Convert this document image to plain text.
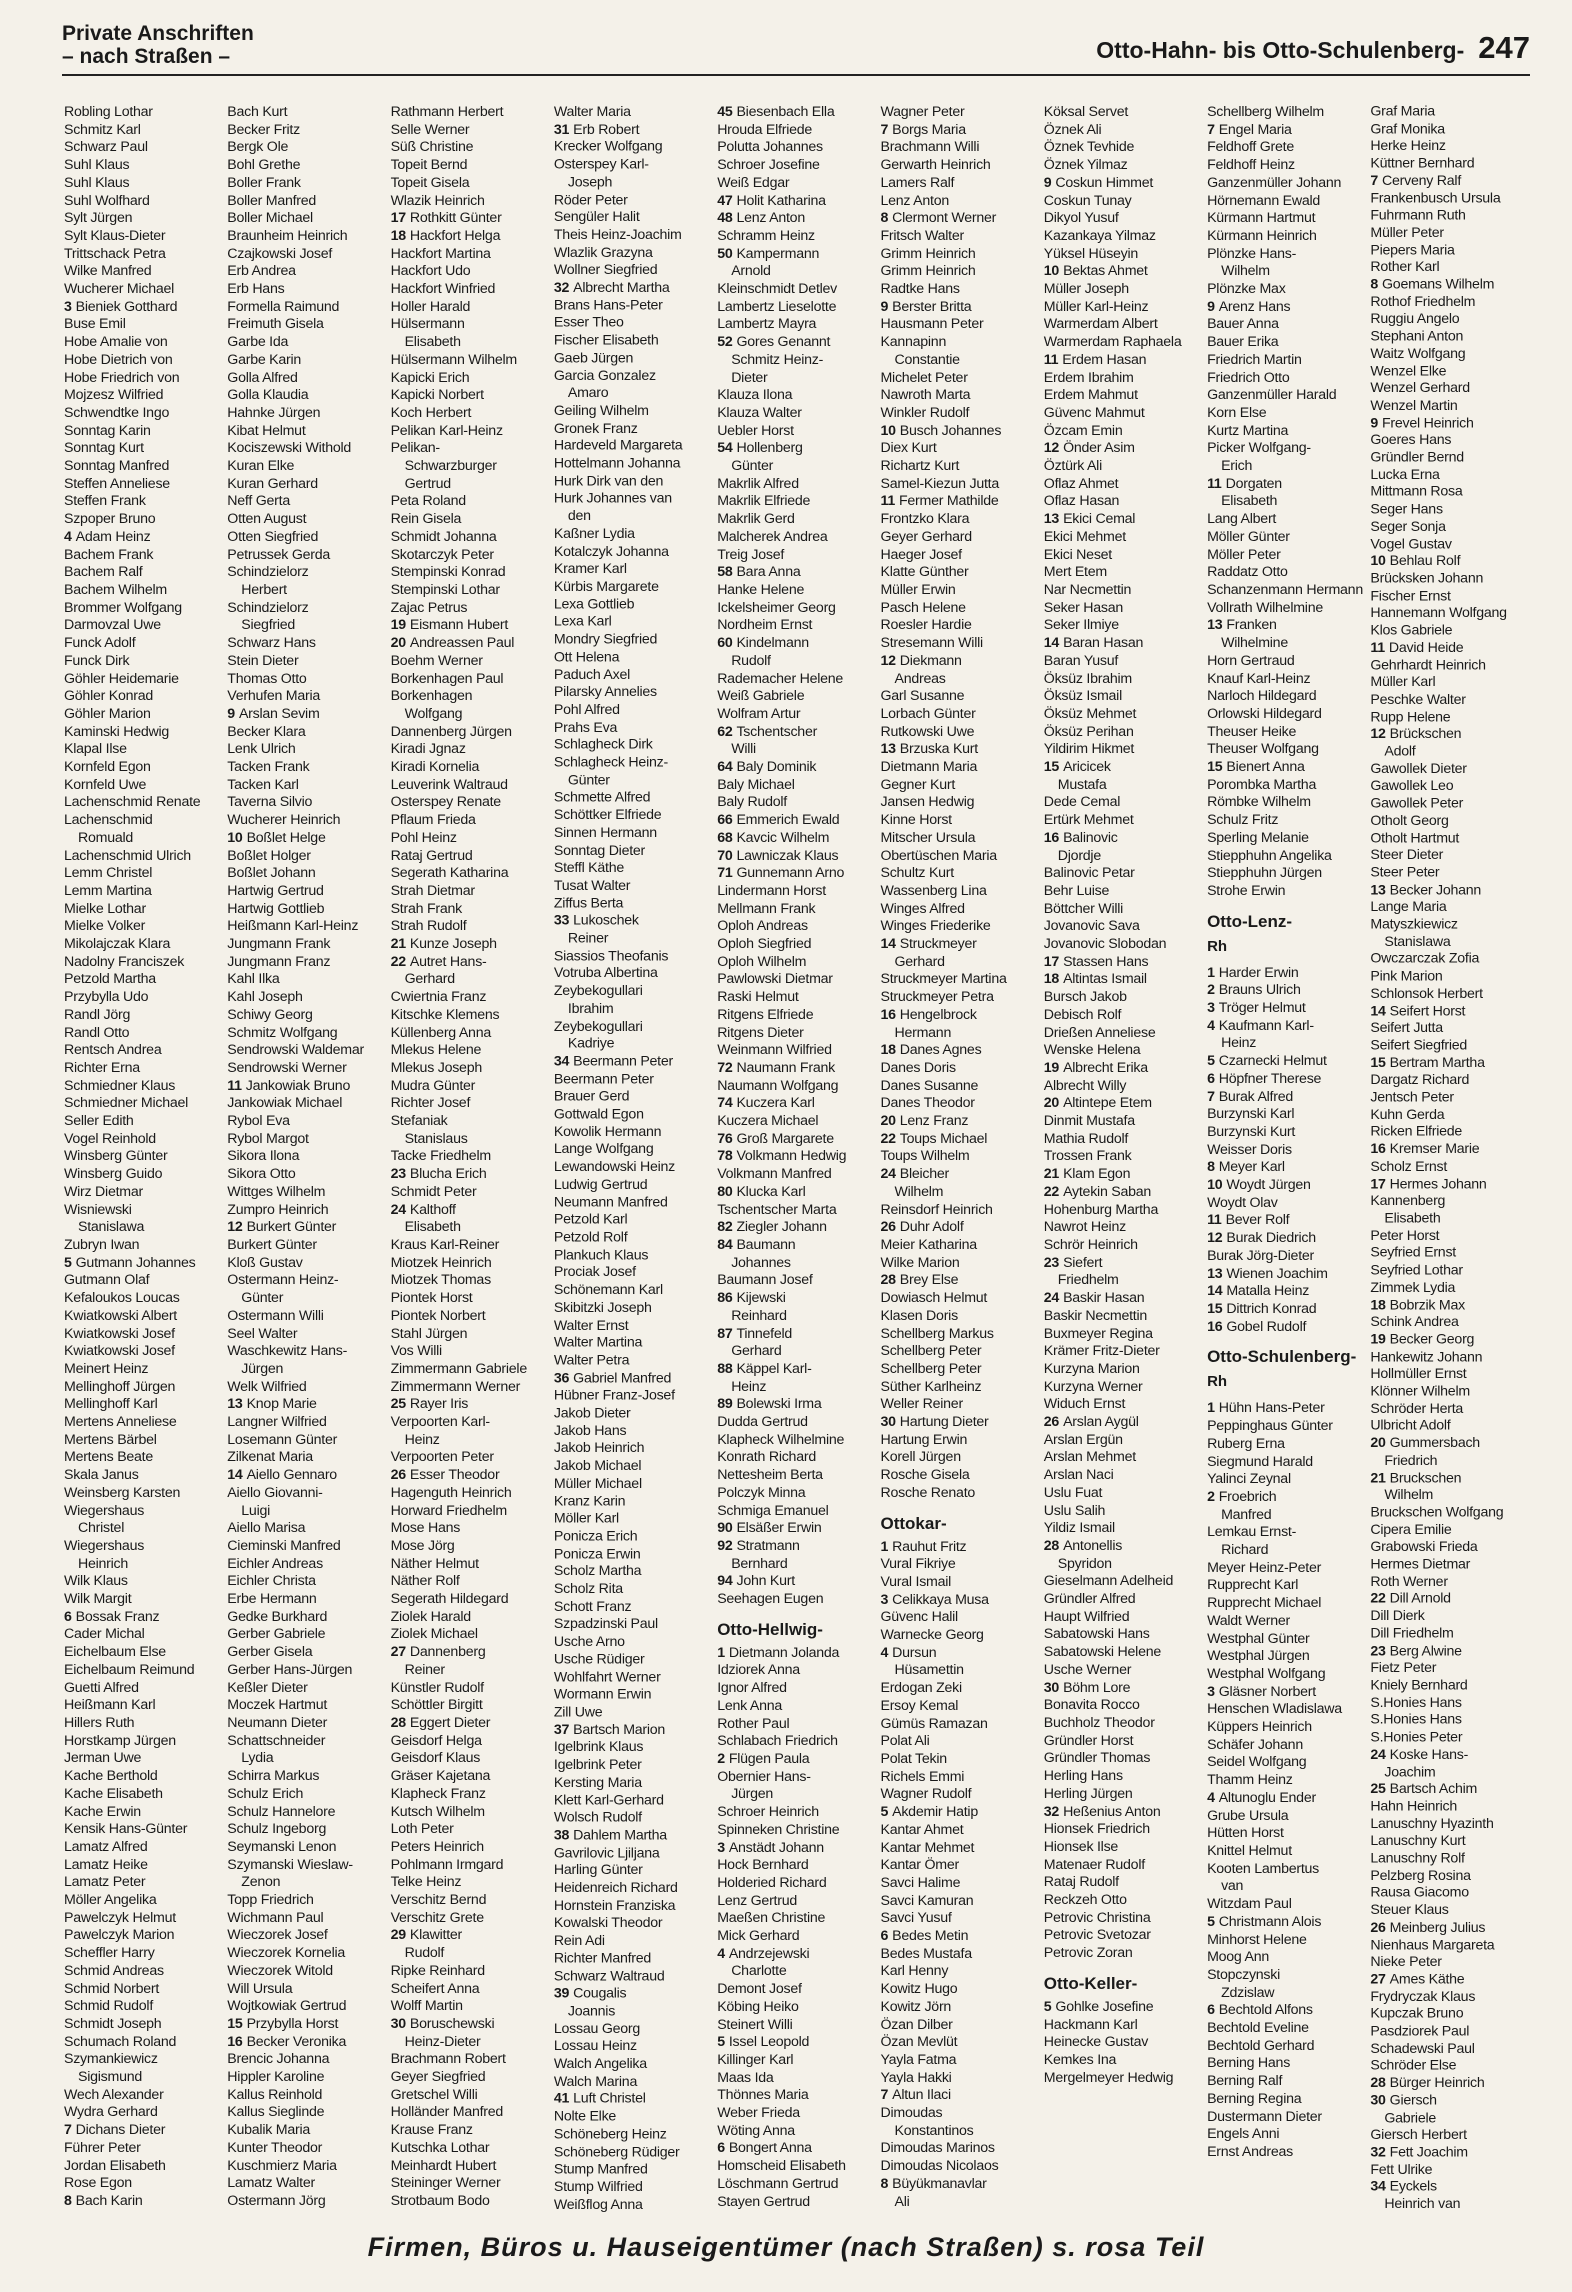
Private Anschriften
– nach Straßen –	Otto-Hahn- bis Otto-Schulenberg- 247
Robling Lothar
Schmitz Karl
Schwarz Paul
Suhl Klaus
Suhl Klaus
Suhl Wolfhard
Sylt Jürgen
Sylt Klaus-Dieter
Trittschack Petra
Wilke Manfred
Wucherer Michael
3 Bieniek Gotthard
Buse Emil
Hobe Amalie von
Hobe Dietrich von
Hobe Friedrich von
Mojzesz Wilfried
Schwendtke Ingo
Sonntag Karin
Sonntag Kurt
Sonntag Manfred
Steffen Anneliese
Steffen Frank
Szpoper Bruno
4 Adam Heinz
Bachem Frank
Bachem Ralf
Bachem Wilhelm
Brommer Wolfgang
Darmovzal Uwe
Funck Adolf
Funck Dirk
Göhler Heidemarie
Göhler Konrad
Göhler Marion
Kaminski Hedwig
Klapal Ilse
Kornfeld Egon
Kornfeld Uwe
Lachenschmid Renate
Lachenschmid
Romuald
Lachenschmid Ulrich
Lemm Christel
Lemm Martina
Mielke Lothar
Mielke Volker
Mikolajczak Klara
Nadolny Franciszek
Petzold Martha
Przybylla Udo
Randl Jörg
Randl Otto
Rentsch Andrea
Richter Erna
Schmiedner Klaus
Schmiedner Michael
Seller Edith
Vogel Reinhold
Winsberg Günter
Winsberg Guido
Wirz Dietmar
Wisniewski
Stanislawa
Zubryn Iwan
5 Gutmann Johannes
Gutmann Olaf
Kefaloukos Loucas
Kwiatkowski Albert
Kwiatkowski Josef
Kwiatkowski Josef
Meinert Heinz
Mellinghoff Jürgen
Mellinghoff Karl
Mertens Anneliese
Mertens Bärbel
Mertens Beate
Skala Janus
Weinsberg Karsten
Wiegershaus
Christel
Wiegershaus
Heinrich
Wilk Klaus
Wilk Margit
6 Bossak Franz
Cader Michal
Eichelbaum Else
Eichelbaum Reimund
Guetti Alfred
Heißmann Karl
Hillers Ruth
Horstkamp Jürgen
Jerman Uwe
Kache Berthold
Kache Elisabeth
Kache Erwin
Kensik Hans-Günter
Lamatz Alfred
Lamatz Heike
Lamatz Peter
Möller Angelika
Pawelczyk Helmut
Pawelczyk Marion
Scheffler Harry
Schmid Andreas
Schmid Norbert
Schmid Rudolf
Schmidt Joseph
Schumach Roland
Szymankiewicz
Sigismund
Wech Alexander
Wydra Gerhard
7 Dichans Dieter
Führer Peter
Jordan Elisabeth
Rose Egon
8 Bach Karin
Bach Kurt
Becker Fritz
Bergk Ole
Bohl Grethe
Boller Frank
Boller Manfred
Boller Michael
Braunheim Heinrich
Czajkowski Josef
Erb Andrea
Erb Hans
Formella Raimund
Freimuth Gisela
Garbe Ida
Garbe Karin
Golla Alfred
Golla Klaudia
Hahnke Jürgen
Kibat Helmut
Kociszewski Withold
Kuran Elke
Kuran Gerhard
Neff Gerta
Otten August
Otten Siegfried
Petrussek Gerda
Schindzielorz
Herbert
Schindzielorz
Siegfried
Schwarz Hans
Stein Dieter
Thomas Otto
Verhufen Maria
9 Arslan Sevim
Becker Klara
Lenk Ulrich
Tacken Frank
Tacken Karl
Taverna Silvio
Wucherer Heinrich
10 Boßlet Helge
Boßlet Holger
Boßlet Johann
Hartwig Gertrud
Hartwig Gottlieb
Heißmann Karl-Heinz
Jungmann Frank
Jungmann Franz
Kahl Ilka
Kahl Joseph
Schiwy Georg
Schmitz Wolfgang
Sendrowski Waldemar
Sendrowski Werner
11 Jankowiak Bruno
Jankowiak Michael
Rybol Eva
Rybol Margot
Sikora Ilona
Sikora Otto
Wittges Wilhelm
Zumpro Heinrich
12 Burkert Günter
Burkert Günter
Kloß Gustav
Ostermann Heinz-
Günter
Ostermann Willi
Seel Walter
Waschkewitz Hans-
Jürgen
Welk Wilfried
13 Knop Marie
Langner Wilfried
Losemann Günter
Zilkenat Maria
14 Aiello Gennaro
Aiello Giovanni-
Luigi
Aiello Marisa
Cieminski Manfred
Eichler Andreas
Eichler Christa
Erbe Hermann
Gedke Burkhard
Gerber Gabriele
Gerber Gisela
Gerber Hans-Jürgen
Keßler Dieter
Moczek Hartmut
Neumann Dieter
Schattschneider
Lydia
Schirra Markus
Schulz Erich
Schulz Hannelore
Schulz Ingeborg
Seymanski Lenon
Szymanski Wieslaw-
Zenon
Topp Friedrich
Wichmann Paul
Wieczorek Josef
Wieczorek Kornelia
Wieczorek Witold
Will Ursula
Wojtkowiak Gertrud
15 Przybylla Horst
16 Becker Veronika
Brencic Johanna
Hippler Karoline
Kallus Reinhold
Kallus Sieglinde
Kubalik Maria
Kunter Theodor
Kuschmierz Maria
Lamatz Walter
Ostermann Jörg
Rathmann Herbert
Selle Werner
Süß Christine
Topeit Bernd
Topeit Gisela
Wlazik Heinrich
17 Rothkitt Günter
18 Hackfort Helga
Hackfort Martina
Hackfort Udo
Hackfort Winfried
Holler Harald
Hülsermann
Elisabeth
Hülsermann Wilhelm
Kapicki Erich
Kapicki Norbert
Koch Herbert
Pelikan Karl-Heinz
Pelikan-
Schwarzburger
Gertrud
Peta Roland
Rein Gisela
Schmidt Johanna
Skotarczyk Peter
Stempinski Konrad
Stempinski Lothar
Zajac Petrus
19 Eismann Hubert
20 Andreassen Paul
Boehm Werner
Borkenhagen Paul
Borkenhagen
Wolfgang
Dannenberg Jürgen
Kiradi Jgnaz
Kiradi Kornelia
Leuverink Waltraud
Osterspey Renate
Pflaum Frieda
Pohl Heinz
Rataj Gertrud
Segerath Katharina
Strah Dietmar
Strah Frank
Strah Rudolf
21 Kunze Joseph
22 Autret Hans-
Gerhard
Cwiertnia Franz
Kitschke Klemens
Küllenberg Anna
Mlekus Helene
Mlekus Joseph
Mudra Günter
Richter Josef
Stefaniak
Stanislaus
Tacke Friedhelm
23 Blucha Erich
Schmidt Peter
24 Kalthoff
Elisabeth
Kraus Karl-Reiner
Miotzek Heinrich
Miotzek Thomas
Piontek Horst
Piontek Norbert
Stahl Jürgen
Vos Willi
Zimmermann Gabriele
Zimmermann Werner
25 Rayer Iris
Verpoorten Karl-
Heinz
Verpoorten Peter
26 Esser Theodor
Hagenguth Heinrich
Horward Friedhelm
Mose Hans
Mose Jörg
Näther Helmut
Näther Rolf
Segerath Hildegard
Ziolek Harald
Ziolek Michael
27 Dannenberg
Reiner
Künstler Rudolf
Schöttler Birgitt
28 Eggert Dieter
Geisdorf Helga
Geisdorf Klaus
Gräser Kajetana
Klapheck Franz
Kutsch Wilhelm
Loth Peter
Peters Heinrich
Pohlmann Irmgard
Telke Heinz
Verschitz Bernd
Verschitz Grete
29 Klawitter
Rudolf
Ripke Reinhard
Scheifert Anna
Wolff Martin
30 Boruschewski
Heinz-Dieter
Brachmann Robert
Geyer Siegfried
Gretschel Willi
Holländer Manfred
Krause Franz
Kutschka Lothar
Meinhardt Hubert
Steininger Werner
Strotbaum Bodo
Walter Maria
31 Erb Robert
Krecker Wolfgang
Osterspey Karl-
Joseph
Röder Peter
Sengüler Halit
Theis Heinz-Joachim
Wlazlik Grazyna
Wollner Siegfried
32 Albrecht Martha
Brans Hans-Peter
Esser Theo
Fischer Elisabeth
Gaeb Jürgen
Garcia Gonzalez
Amaro
Geiling Wilhelm
Gronek Franz
Hardeveld Margareta
Hottelmann Johanna
Hurk Dirk van den
Hurk Johannes van
den
Kaßner Lydia
Kotalczyk Johanna
Kramer Karl
Kürbis Margarete
Lexa Gottlieb
Lexa Karl
Mondry Siegfried
Ott Helena
Paduch Axel
Pilarsky Annelies
Pohl Alfred
Prahs Eva
Schlagheck Dirk
Schlagheck Heinz-
Günter
Schmette Alfred
Schöttker Elfriede
Sinnen Hermann
Sonntag Dieter
Steffl Käthe
Tusat Walter
Ziffus Berta
33 Lukoschek
Reiner
Siassios Theofanis
Votruba Albertina
Zeybekogullari
Ibrahim
Zeybekogullari
Kadriye
34 Beermann Peter
Beermann Peter
Brauer Gerd
Gottwald Egon
Kowolik Hermann
Lange Wolfgang
Lewandowski Heinz
Ludwig Gertrud
Neumann Manfred
Petzold Karl
Petzold Rolf
Plankuch Klaus
Prociak Josef
Schönemann Karl
Skibitzki Joseph
Walter Ernst
Walter Martina
Walter Petra
36 Gabriel Manfred
Hübner Franz-Josef
Jakob Dieter
Jakob Hans
Jakob Heinrich
Jakob Michael
Müller Michael
Kranz Karin
Möller Karl
Ponicza Erich
Ponicza Erwin
Scholz Martha
Scholz Rita
Schott Franz
Szpadzinski Paul
Usche Arno
Usche Rüdiger
Wohlfahrt Werner
Wormann Erwin
Zill Uwe
37 Bartsch Marion
Igelbrink Klaus
Igelbrink Peter
Kersting Maria
Klett Karl-Gerhard
Wolsch Rudolf
38 Dahlem Martha
Gavrilovic Ljiljana
Harling Günter
Heidenreich Richard
Hornstein Franziska
Kowalski Theodor
Rein Adi
Richter Manfred
Schwarz Waltraud
39 Cougalis
Joannis
Lossau Georg
Lossau Heinz
Walch Angelika
Walch Marina
41 Luft Christel
Nolte Elke
Schöneberg Heinz
Schöneberg Rüdiger
Stump Manfred
Stump Wilfried
Weißflog Anna
45 Biesenbach Ella
Hrouda Elfriede
Polutta Johannes
Schroer Josefine
Weiß Edgar
47 Holit Katharina
48 Lenz Anton
Schramm Heinz
50 Kampermann
Arnold
Kleinschmidt Detlev
Lambertz Lieselotte
Lambertz Mayra
52 Gores Genannt
Schmitz Heinz-
Dieter
Klauza Ilona
Klauza Walter
Uebler Horst
54 Hollenberg
Günter
Makrlik Alfred
Makrlik Elfriede
Makrlik Gerd
Malcherek Andrea
Treig Josef
58 Bara Anna
Hanke Helene
Ickelsheimer Georg
Nordheim Ernst
60 Kindelmann
Rudolf
Rademacher Helene
Weiß Gabriele
Wolfram Artur
62 Tschentscher
Willi
64 Baly Dominik
Baly Michael
Baly Rudolf
66 Emmerich Ewald
68 Kavcic Wilhelm
70 Lawniczak Klaus
71 Gunnemann Arno
Lindermann Horst
Mellmann Frank
Oploh Andreas
Oploh Siegfried
Oploh Wilhelm
Pawlowski Dietmar
Raski Helmut
Ritgens Elfriede
Ritgens Dieter
Weinmann Wilfried
72 Naumann Frank
Naumann Wolfgang
74 Kuczera Karl
Kuczera Michael
76 Groß Margarete
78 Volkmann Hedwig
Volkmann Manfred
80 Klucka Karl
Tschentscher Marta
82 Ziegler Johann
84 Baumann
Johannes
Baumann Josef
86 Kijewski
Reinhard
87 Tinnefeld
Gerhard
88 Käppel Karl-
Heinz
89 Bolewski Irma
Dudda Gertrud
Klapheck Wilhelmine
Konrath Richard
Nettesheim Berta
Polczyk Minna
Schmiga Emanuel
90 Elsäßer Erwin
92 Stratmann
Bernhard
94 John Kurt
Seehagen Eugen
Otto-Hellwig-
1 Dietmann Jolanda
Idziorek Anna
Ignor Alfred
Lenk Anna
Rother Paul
Schlabach Friedrich
2 Flügen Paula
Obernier Hans-
Jürgen
Schroer Heinrich
Spinneken Christine
3 Anstädt Johann
Hock Bernhard
Holderied Richard
Lenz Gertrud
Maeßen Christine
Mick Gerhard
4 Andrzejewski
Charlotte
Demont Josef
Köbing Heiko
Steinert Willi
5 Issel Leopold
Killinger Karl
Maas Ida
Thönnes Maria
Weber Frieda
Wöting Anna
6 Bongert Anna
Homscheid Elisabeth
Löschmann Gertrud
Stayen Gertrud
Wagner Peter
7 Borgs Maria
Brachmann Willi
Gerwarth Heinrich
Lamers Ralf
Lenz Anton
8 Clermont Werner
Fritsch Walter
Grimm Heinrich
Grimm Heinrich
Radtke Hans
9 Berster Britta
Hausmann Peter
Kannapinn
Constantie
Michelet Peter
Nawroth Marta
Winkler Rudolf
10 Busch Johannes
Diex Kurt
Richartz Kurt
Samel-Kiezun Jutta
11 Fermer Mathilde
Frontzko Klara
Geyer Gerhard
Haeger Josef
Klatte Günther
Müller Erwin
Pasch Helene
Roesler Hardie
Stresemann Willi
12 Diekmann
Andreas
Garl Susanne
Lorbach Günter
Rutkowski Uwe
13 Brzuska Kurt
Dietmann Maria
Gegner Kurt
Jansen Hedwig
Kinne Horst
Mitscher Ursula
Obertüschen Maria
Schultz Kurt
Wassenberg Lina
Winges Alfred
Winges Friederike
14 Struckmeyer
Gerhard
Struckmeyer Martina
Struckmeyer Petra
16 Hengelbrock
Hermann
18 Danes Agnes
Danes Doris
Danes Susanne
Danes Theodor
20 Lenz Franz
22 Toups Michael
Toups Wilhelm
24 Bleicher
Wilhelm
Reinsdorf Heinrich
26 Duhr Adolf
Meier Katharina
Wilke Marion
28 Brey Else
Dowiasch Helmut
Klasen Doris
Schellberg Markus
Schellberg Peter
Schellberg Peter
Süther Karlheinz
Weller Reiner
30 Hartung Dieter
Hartung Erwin
Korell Jürgen
Rosche Gisela
Rosche Renato
Ottokar-
1 Rauhut Fritz
Vural Fikriye
Vural Ismail
3 Celikkaya Musa
Güvenc Halil
Warnecke Georg
4 Dursun
Hüsamettin
Erdogan Zeki
Ersoy Kemal
Gümüs Ramazan
Polat Ali
Polat Tekin
Richels Emmi
Wagner Rudolf
5 Akdemir Hatip
Kantar Ahmet
Kantar Mehmet
Kantar Ömer
Savci Halime
Savci Kamuran
Savci Yusuf
6 Bedes Metin
Bedes Mustafa
Karl Henny
Kowitz Hugo
Kowitz Jörn
Özan Dilber
Özan Mevlüt
Yayla Fatma
Yayla Hakki
7 Altun Ilaci
Dimoudas
Konstantinos
Dimoudas Marinos
Dimoudas Nicolaos
8 Büyükmanavlar
Ali
Köksal Servet
Öznek Ali
Öznek Tevhide
Öznek Yilmaz
9 Coskun Himmet
Coskun Tunay
Dikyol Yusuf
Kazankaya Yilmaz
Yüksel Hüseyin
10 Bektas Ahmet
Müller Joseph
Müller Karl-Heinz
Warmerdam Albert
Warmerdam Raphaela
11 Erdem Hasan
Erdem Ibrahim
Erdem Mahmut
Güvenc Mahmut
Özcam Emin
12 Önder Asim
Öztürk Ali
Oflaz Ahmet
Oflaz Hasan
13 Ekici Cemal
Ekici Mehmet
Ekici Neset
Mert Etem
Nar Necmettin
Seker Hasan
Seker Ilmiye
14 Baran Hasan
Baran Yusuf
Öksüz Ibrahim
Öksüz Ismail
Öksüz Mehmet
Öksüz Perihan
Yildirim Hikmet
15 Aricicek
Mustafa
Dede Cemal
Ertürk Mehmet
16 Balinovic
Djordje
Balinovic Petar
Behr Luise
Böttcher Willi
Jovanovic Sava
Jovanovic Slobodan
17 Stassen Hans
18 Altintas Ismail
Bursch Jakob
Debisch Rolf
Drießen Anneliese
Wenske Helena
19 Albrecht Erika
Albrecht Willy
20 Altintepe Etem
Dinmit Mustafa
Mathia Rudolf
Trossen Frank
21 Klam Egon
22 Aytekin Saban
Hohenburg Martha
Nawrot Heinz
Schrör Heinrich
23 Siefert
Friedhelm
24 Baskir Hasan
Baskir Necmettin
Buxmeyer Regina
Krämer Fritz-Dieter
Kurzyna Marion
Kurzyna Werner
Widuch Ernst
26 Arslan Aygül
Arslan Ergün
Arslan Mehmet
Arslan Naci
Uslu Fuat
Uslu Salih
Yildiz Ismail
28 Antonellis
Spyridon
Gieselmann Adelheid
Gründler Alfred
Haupt Wilfried
Sabatowski Hans
Sabatowski Helene
Usche Werner
30 Böhm Lore
Bonavita Rocco
Buchholz Theodor
Gründler Horst
Gründler Thomas
Herling Hans
Herling Jürgen
32 Heßenius Anton
Hionsek Friedrich
Hionsek Ilse
Matenaer Rudolf
Rataj Rudolf
Reckzeh Otto
Petrovic Christina
Petrovic Svetozar
Petrovic Zoran
Otto-Keller-
5 Gohlke Josefine
Hackmann Karl
Heinecke Gustav
Kemkes Ina
Mergelmeyer Hedwig
Schellberg Wilhelm
7 Engel Maria
Feldhoff Grete
Feldhoff Heinz
Ganzenmüller Johann
Hörnemann Ewald
Kürmann Hartmut
Kürmann Heinrich
Plönzke Hans-
Wilhelm
Plönzke Max
9 Arenz Hans
Bauer Anna
Bauer Erika
Friedrich Martin
Friedrich Otto
Ganzenmüller Harald
Korn Else
Kurtz Martina
Picker Wolfgang-
Erich
11 Dorgaten
Elisabeth
Lang Albert
Möller Günter
Möller Peter
Raddatz Otto
Schanzenmann Hermann
Vollrath Wilhelmine
13 Franken
Wilhelmine
Horn Gertraud
Knauf Karl-Heinz
Narloch Hildegard
Orlowski Hildegard
Theuser Heike
Theuser Wolfgang
15 Bienert Anna
Porombka Martha
Römbke Wilhelm
Schulz Fritz
Sperling Melanie
Stiepphuhn Angelika
Stiepphuhn Jürgen
Strohe Erwin
Otto-Lenz-
Rh
1 Harder Erwin
2 Brauns Ulrich
3 Tröger Helmut
4 Kaufmann Karl-
Heinz
5 Czarnecki Helmut
6 Höpfner Therese
7 Burak Alfred
Burzynski Karl
Burzynski Kurt
Weisser Doris
8 Meyer Karl
10 Woydt Jürgen
Woydt Olav
11 Bever Rolf
12 Burak Diedrich
Burak Jörg-Dieter
13 Wienen Joachim
14 Matalla Heinz
15 Dittrich Konrad
16 Gobel Rudolf
Otto-Schulenberg-
Rh
1 Hühn Hans-Peter
Peppinghaus Günter
Ruberg Erna
Siegmund Harald
Yalinci Zeynal
2 Froebrich
Manfred
Lemkau Ernst-
Richard
Meyer Heinz-Peter
Rupprecht Karl
Rupprecht Michael
Waldt Werner
Westphal Günter
Westphal Jürgen
Westphal Wolfgang
3 Gläsner Norbert
Henschen Wladislawa
Küppers Heinrich
Schäfer Johann
Seidel Wolfgang
Thamm Heinz
4 Altunoglu Ender
Grube Ursula
Hütten Horst
Knittel Helmut
Kooten Lambertus
van
Witzdam Paul
5 Christmann Alois
Minhorst Helene
Moog Ann
Stopczynski
Zdzislaw
6 Bechtold Alfons
Bechtold Eveline
Bechtold Gerhard
Berning Hans
Berning Ralf
Berning Regina
Dustermann Dieter
Engels Anni
Ernst Andreas
Graf Maria
Graf Monika
Herke Heinz
Küttner Bernhard
7 Cerveny Ralf
Frankenbusch Ursula
Fuhrmann Ruth
Müller Peter
Piepers Maria
Rother Karl
8 Goemans Wilhelm
Rothof Friedhelm
Ruggiu Angelo
Stephani Anton
Waitz Wolfgang
Wenzel Elke
Wenzel Gerhard
Wenzel Martin
9 Frevel Heinrich
Goeres Hans
Gründler Bernd
Lucka Erna
Mittmann Rosa
Seger Hans
Seger Sonja
Vogel Gustav
10 Behlau Rolf
Brücksken Johann
Fischer Ernst
Hannemann Wolfgang
Klos Gabriele
11 David Heide
Gehrhardt Heinrich
Müller Karl
Peschke Walter
Rupp Helene
12 Brückschen
Adolf
Gawollek Dieter
Gawollek Leo
Gawollek Peter
Otholt Georg
Otholt Hartmut
Steer Dieter
Steer Peter
13 Becker Johann
Lange Maria
Matyszkiewicz
Stanislawa
Owczarczak Zofia
Pink Marion
Schlonsok Herbert
14 Seifert Horst
Seifert Jutta
Seifert Siegfried
15 Bertram Martha
Dargatz Richard
Jentsch Peter
Kuhn Gerda
Ricken Elfriede
16 Kremser Marie
Scholz Ernst
17 Hermes Johann
Kannenberg
Elisabeth
Peter Horst
Seyfried Ernst
Seyfried Lothar
Zimmek Lydia
18 Bobrzik Max
Schink Andrea
19 Becker Georg
Hankewitz Johann
Hollmüller Ernst
Klönner Wilhelm
Schröder Herta
Ulbricht Adolf
20 Gummersbach
Friedrich
21 Bruckschen
Wilhelm
Bruckschen Wolfgang
Cipera Emilie
Grabowski Frieda
Hermes Dietmar
Roth Werner
22 Dill Arnold
Dill Dierk
Dill Friedhelm
23 Berg Alwine
Fietz Peter
Kniely Bernhard
S.Honies Hans
S.Honies Hans
S.Honies Peter
24 Koske Hans-
Joachim
25 Bartsch Achim
Hahn Heinrich
Lanuschny Hyazinth
Lanuschny Kurt
Lanuschny Rolf
Pelzberg Rosina
Rausa Giacomo
Steuer Klaus
26 Meinberg Julius
Nienhaus Margareta
Nieke Peter
27 Ames Käthe
Frydryczak Klaus
Kupczak Bruno
Pasdziorek Paul
Schadewski Paul
Schröder Else
28 Bürger Heinrich
30 Giersch
Gabriele
Giersch Herbert
32 Fett Joachim
Fett Ulrike
34 Eyckels
Heinrich van
Firmen, Büros u. Hauseigentümer (nach Straßen) s. rosa Teil
